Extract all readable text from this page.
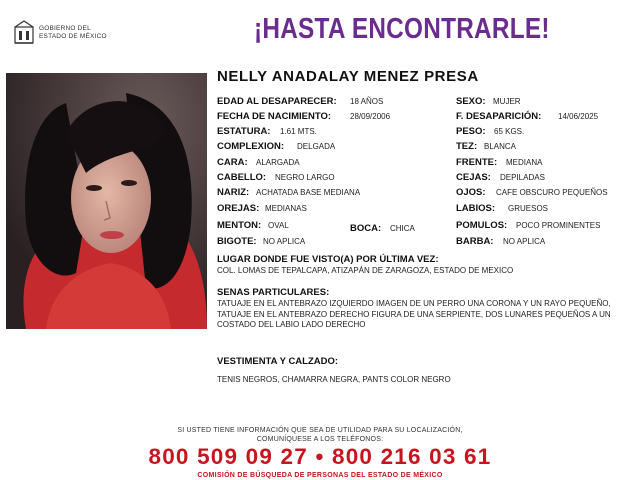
GOBIERNO DEL
ESTADO DE MÉXICO	¡HASTA ENCONTRARLE!
NELLY ANADALAY MENEZ PRESA
EDAD AL DESAPARECER: 18 AÑOS
FECHA DE NACIMIENTO: 28/09/2006
ESTATURA: 1.61 MTS.
COMPLEXION: DELGADA
CARA: ALARGADA
CABELLO: NEGRO LARGO
NARIZ: ACHATADA BASE MEDIANA
OREJAS: MEDIANAS
MENTON: OVAL	BOCA: CHICA
BIGOTE: NO APLICA
SEXO: MUJER
F. DESAPARICIÓN: 14/06/2025
PESO: 65 KGS.
TEZ: BLANCA
FRENTE: MEDIANA
CEJAS: DEPILADAS
OJOS: CAFE OBSCURO PEQUEÑOS
LABIOS: GRUESOS
POMULOS: POCO PROMINENTES
BARBA: NO APLICA
LUGAR DONDE FUE VISTO(A) POR ÚLTIMA VEZ:
COL. LOMAS DE TEPALCAPA, ATIZAPÁN DE ZARAGOZA, ESTADO DE MEXICO
SENAS PARTICULARES:
TATUAJE EN EL ANTEBRAZO IZQUIERDO IMAGEN DE UN PERRO UNA CORONA Y UN RAYO PEQUEÑO, TATUAJE EN EL ANTEBRAZO DERECHO FIGURA DE UNA SERPIENTE, DOS LUNARES PEQUEÑOS A UN COSTADO DEL LABIO LADO DERECHO
VESTIMENTA Y CALZADO:
TENIS NEGROS, CHAMARRA NEGRA, PANTS COLOR NEGRO
SI USTED TIENE INFORMACIÓN QUE SEA DE UTILIDAD PARA SU LOCALIZACIÓN,
COMUNÍQUESE A LOS TELÉFONOS:
800 509 09 27 • 800 216 03 61
COMISIÓN DE BÚSQUEDA DE PERSONAS DEL ESTADO DE MÉXICO
